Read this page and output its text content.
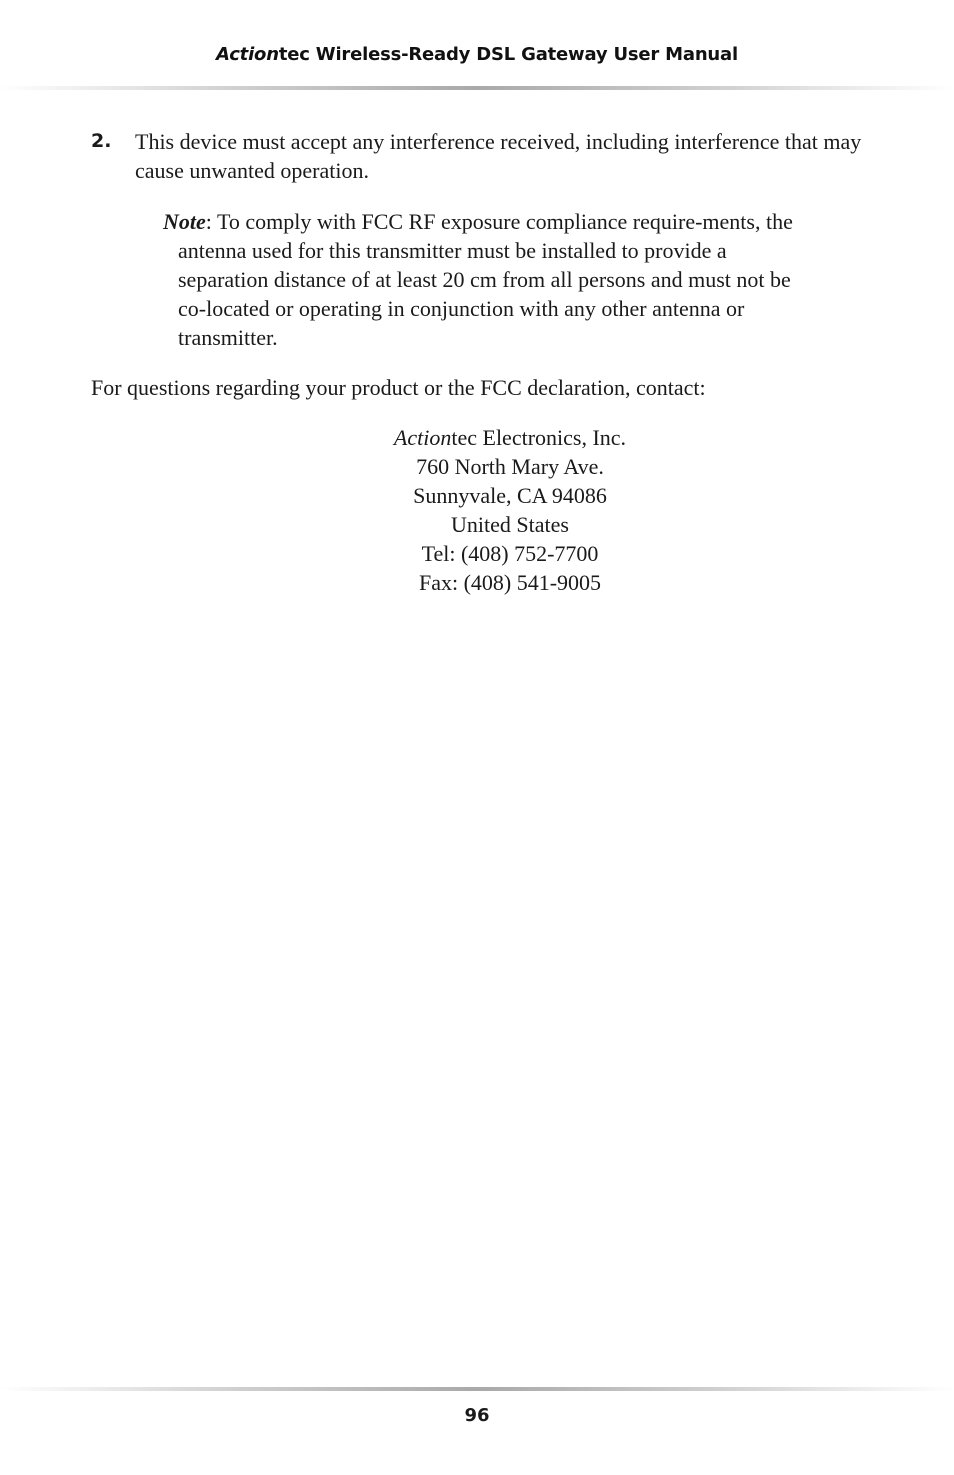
Actiontec Wireless-Ready DSL Gateway User Manual
2. This device must accept any interference received, including interference that may cause unwanted operation.
Note: To comply with FCC RF exposure compliance require-ments, the antenna used for this transmitter must be installed to provide a separation distance of at least 20 cm from all persons and must not be co-located or operating in conjunction with any other antenna or transmitter.
For questions regarding your product or the FCC declaration, contact:
Actiontec Electronics, Inc.
760 North Mary Ave.
Sunnyvale, CA 94086
United States
Tel: (408) 752-7700
Fax: (408) 541-9005
96
